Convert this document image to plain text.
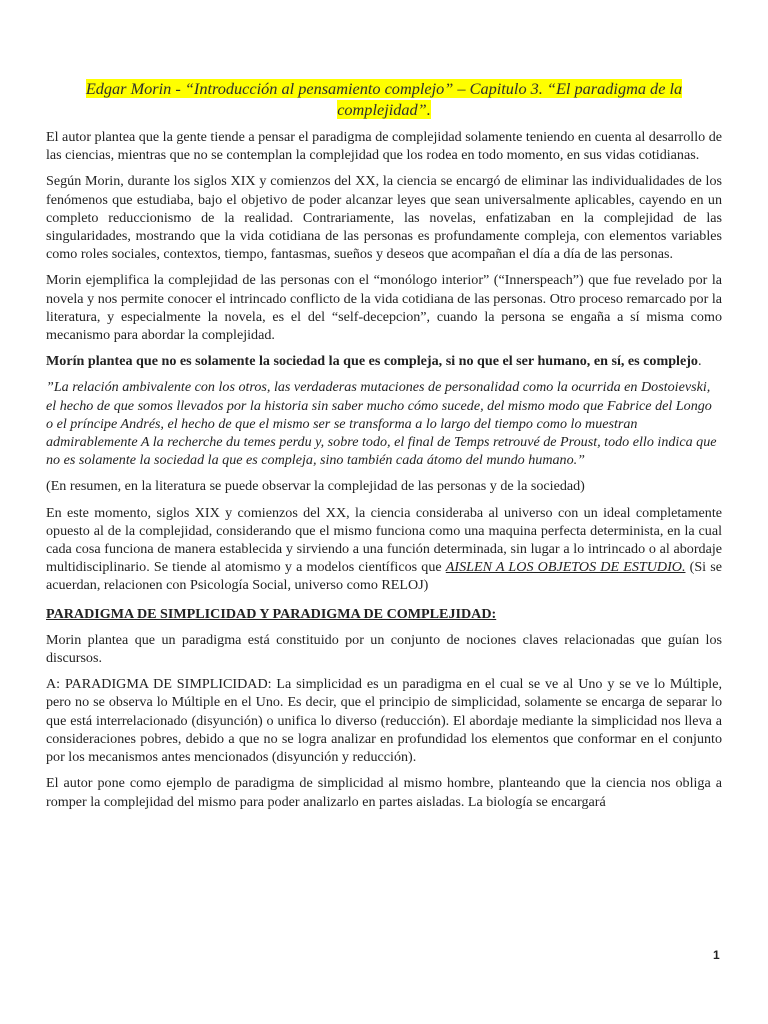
Edgar Morin - “Introducción al pensamiento complejo” – Capitulo 3. “El paradigma de la complejidad”.

El autor plantea que la gente tiende a pensar el paradigma de complejidad solamente teniendo en cuenta al desarrollo de las ciencias, mientras que no se contemplan la complejidad que los rodea en todo momento, en sus vidas cotidianas.

Según Morin, durante los siglos XIX y comienzos del XX, la ciencia se encargó de eliminar las individualidades de los fenómenos que estudiaba, bajo el objetivo de poder alcanzar leyes que sean universalmente aplicables, cayendo en un completo reduccionismo de la realidad. Contrariamente, las novelas, enfatizaban en la complejidad de las singularidades, mostrando que la vida cotidiana de las personas es profundamente compleja, con elementos variables como roles sociales, contextos, tiempo, fantasmas, sueños y deseos que acompañan el día a día de las personas.

Morin ejemplifica la complejidad de las personas con el “monólogo interior” (“Innerspeach”) que fue revelado por la novela y nos permite conocer el intrincado conflicto de la vida cotidiana de las personas. Otro proceso remarcado por la literatura, y especialmente la novela, es el del “self-decepcion”, cuando la persona se engaña a sí misma como mecanismo para abordar la complejidad.

Morín plantea que no es solamente la sociedad la que es compleja, si no que el ser humano, en sí, es complejo.

”La relación ambivalente con los otros, las verdaderas mutaciones de personalidad como la ocurrida en Dostoievski, el hecho de que somos llevados por la historia sin saber mucho cómo sucede, del mismo modo que Fabrice del Longo o el príncipe Andrés, el hecho de que el mismo ser se transforma a lo largo del tiempo como lo muestran admirablemente A la recherche du temes perdu y, sobre todo, el final de Temps retrouvé de Proust, todo ello indica que no es solamente la sociedad la que es compleja, sino también cada átomo del mundo humano.”

(En resumen, en la literatura se puede observar la complejidad de las personas y de la sociedad)

En este momento, siglos XIX y comienzos del XX, la ciencia consideraba al universo con un ideal completamente opuesto al de la complejidad, considerando que el mismo funciona como una maquina perfecta determinista, en la cual cada cosa funciona de manera establecida y sirviendo a una función determinada, sin lugar a lo intrincado o al abordaje multidisciplinario. Se tiende al atomismo y a modelos científicos que AISLEN A LOS OBJETOS DE ESTUDIO. (Si se acuerdan, relacionen con Psicología Social, universo como RELOJ)

PARADIGMA DE SIMPLICIDAD Y PARADIGMA DE COMPLEJIDAD:

Morin plantea que un paradigma está constituido por un conjunto de nociones claves relacionadas que guían los discursos.

A: PARADIGMA DE SIMPLICIDAD: La simplicidad es un paradigma en el cual se ve al Uno y se ve lo Múltiple, pero no se observa lo Múltiple en el Uno. Es decir, que el principio de simplicidad, solamente se encarga de separar lo que está interrelacionado (disyunción) o unifica lo diverso (reducción). El abordaje mediante la simplicidad nos lleva a consideraciones pobres, debido a que no se logra analizar en profundidad los elementos que conformar en el conjunto por los mecanismos antes mencionados (disyunción y reducción).

El autor pone como ejemplo de paradigma de simplicidad al mismo hombre, planteando que la ciencia nos obliga a romper la complejidad del mismo para poder analizarlo en partes aisladas. La biología se encargará

1
